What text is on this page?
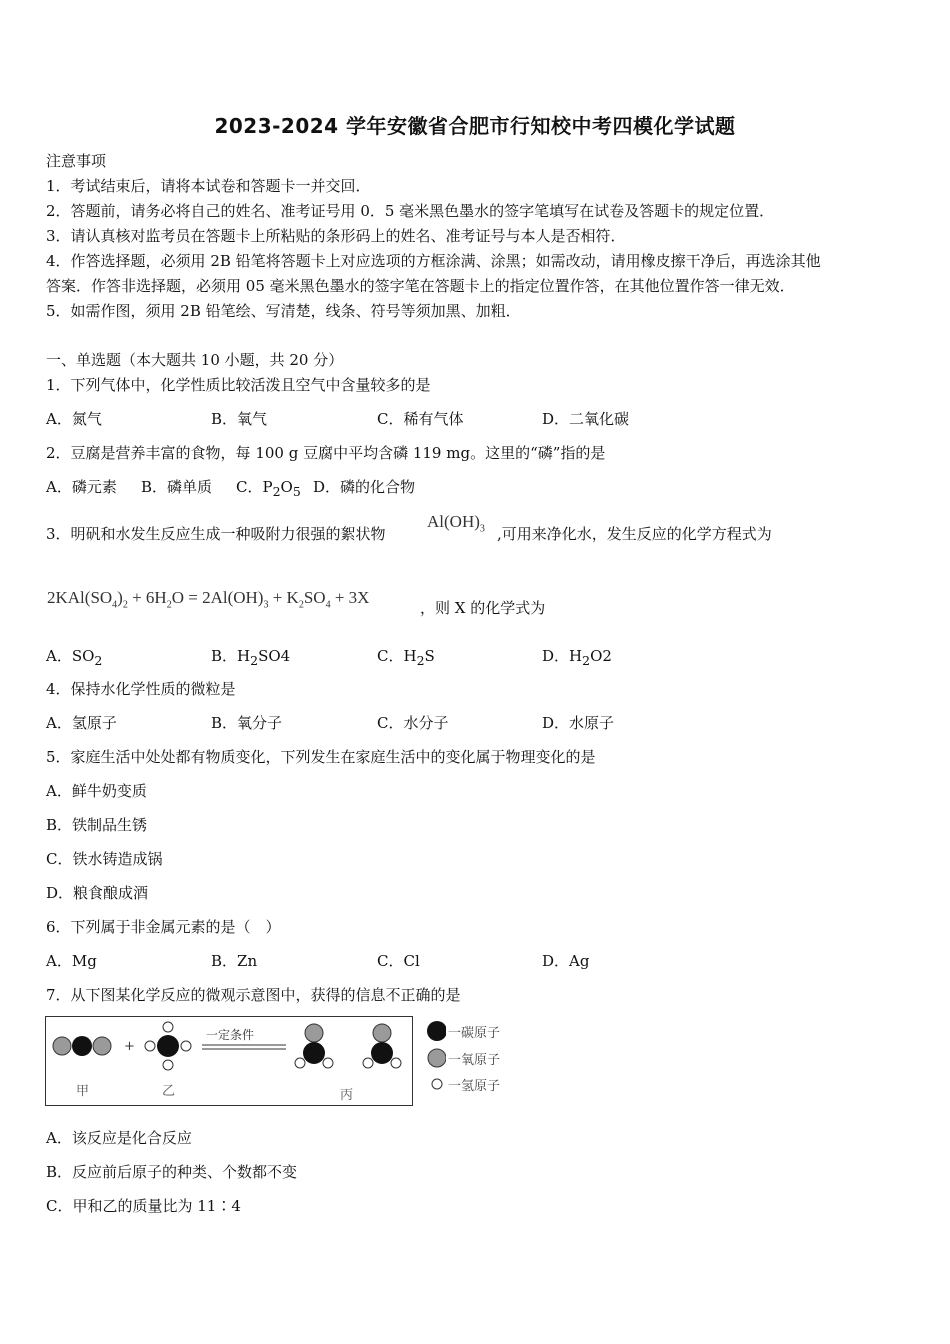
2023-2024 学年安徽省合肥市行知校中考四模化学试题
注意事项
1．考试结束后，请将本试卷和答题卡一并交回．
2．答题前，请务必将自己的姓名、准考证号用 0．5 毫米黑色墨水的签字笔填写在试卷及答题卡的规定位置．
3．请认真核对监考员在答题卡上所粘贴的条形码上的姓名、准考证号与本人是否相符．
4．作答选择题，必须用 2B 铅笔将答题卡上对应选项的方框涂满、涂黑；如需改动，请用橡皮擦干净后，再选涂其他
答案．作答非选择题，必须用 05 毫米黑色墨水的签字笔在答题卡上的指定位置作答，在其他位置作答一律无效．
5．如需作图，须用 2B 铅笔绘、写清楚，线条、符号等须加黑、加粗．
一、单选题（本大题共 10 小题，共 20 分）
1．下列气体中，化学性质比较活泼且空气中含量较多的是
A．氮气	B．氧气	C．稀有气体	D．二氧化碳
2．豆腐是营养丰富的食物，每 100 g 豆腐中平均含磷 119 mg。这里的“磷”指的是
A．磷元素 B．磷单质 C．$P_2O_5$ D．磷的化合物
3．明矾和水发生反应生成一种吸附力很强的絮状物
$Al(OH)_3$ ,可用来净化水，发生反应的化学方程式为
$2KAl(SO_4)_2 + 6H_2O = 2Al(OH)_3 + K_2SO_4 + 3X$
，则 X 的化学式为
A．$SO_2$	B．$H_2SO4$	C．$H_2S$	D．$H_2O2$
4．保持水化学性质的微粒是
A．氢原子	B．氧分子	C．水分子	D．水原子
5．家庭生活中处处都有物质变化，下列发生在家庭生活中的变化属于物理变化的是
A．鲜牛奶变质
B．铁制品生锈
C．铁水铸造成锅
D．粮食酿成酒
6．下列属于非金属元素的是（　）
A．Mg	B．Zn	C．Cl	D．Ag
7．从下图某化学反应的微观示意图中，获得的信息不正确的是
+
一定条件
甲	乙	丙
一碳原子
一氧原子
一氢原子
A．该反应是化合反应
B．反应前后原子的种类、个数都不变
C．甲和乙的质量比为 11∶4
